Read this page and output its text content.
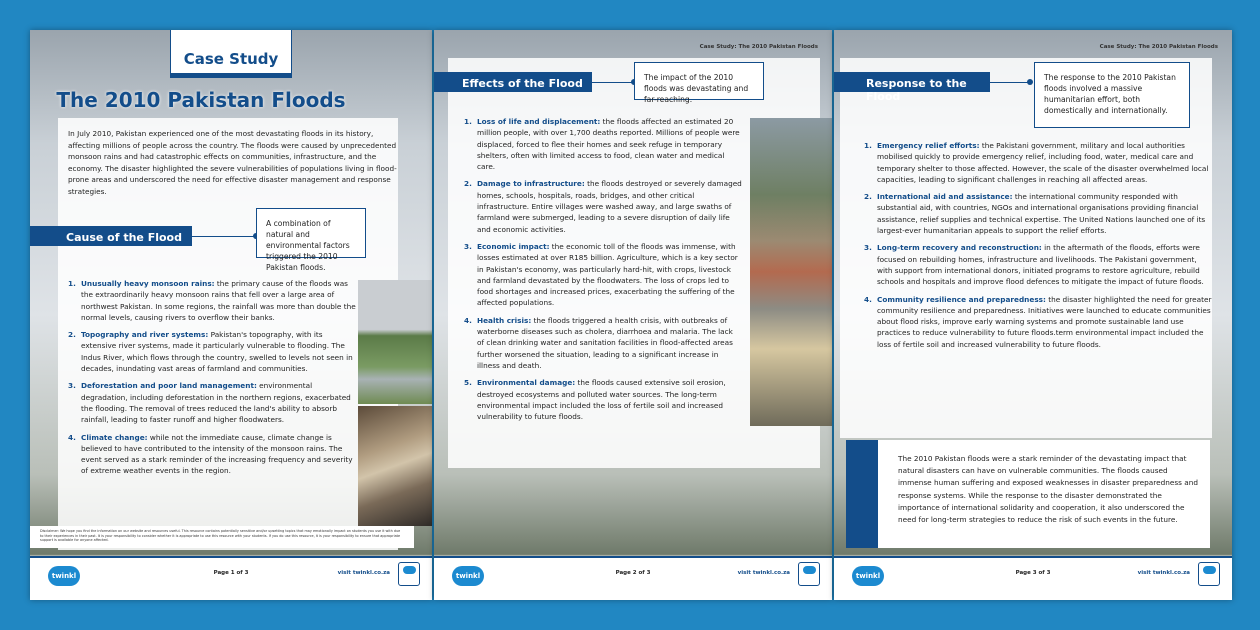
Case Study
The 2010 Pakistan Floods
In July 2010, Pakistan experienced one of the most devastating floods in its history, affecting millions of people across the country. The floods were caused by unprecedented monsoon rains and had catastrophic effects on communities, infrastructure, and the economy. The disaster highlighted the severe vulnerabilities of populations living in flood-prone areas and underscored the need for effective disaster management and response strategies.
Cause of the Flood
A combination of natural and environmental factors triggered the 2010 Pakistan floods.
1. Unusually heavy monsoon rains: the primary cause of the floods was the extraordinarily heavy monsoon rains that fell over a large area of northwest Pakistan. In some regions, the rainfall was more than double the normal levels, causing rivers to overflow their banks.
2. Topography and river systems: Pakistan's topography, with its extensive river systems, made it particularly vulnerable to flooding. The Indus River, which flows through the country, swelled to levels not seen in decades, inundating vast areas of farmland and communities.
3. Deforestation and poor land management: environmental degradation, including deforestation in the northern regions, exacerbated the flooding. The removal of trees reduced the land's ability to absorb rainfall, leading to faster runoff and higher floodwaters.
4. Climate change: while not the immediate cause, climate change is believed to have contributed to the intensity of the monsoon rains. The event served as a stark reminder of the increasing frequency and severity of extreme weather events in the region.
Disclaimer: We hope you find the information on our website and resources useful. This resource contains potentially sensitive and/or upsetting topics that may emotionally impact on students you use it with due to their experiences in their past. It is your responsibility to consider whether it is appropriate to use this resource with your students. If you do use this resource, it is your responsibility to ensure that appropriate support is available for anyone affected.
twinkl	Page 1 of 3	visit twinkl.co.za
Case Study: The 2010 Pakistan Floods
Effects of the Flood	The impact of the 2010 floods was devastating and far-reaching.
1. Loss of life and displacement: the floods affected an estimated 20 million people, with over 1,700 deaths reported. Millions of people were displaced, forced to flee their homes and seek refuge in temporary shelters, often with limited access to food, clean water and medical care.
2. Damage to infrastructure: the floods destroyed or severely damaged homes, schools, hospitals, roads, bridges, and other critical infrastructure. Entire villages were washed away, and large swaths of farmland were submerged, leading to a severe disruption of daily life and economic activities.
3. Economic impact: the economic toll of the floods was immense, with losses estimated at over R185 billion. Agriculture, which is a key sector in Pakistan's economy, was particularly hard-hit, with crops, livestock and farmland devastated by the floodwaters. The loss of crops led to food shortages and increased prices, exacerbating the suffering of the affected populations.
4. Health crisis: the floods triggered a health crisis, with outbreaks of waterborne diseases such as cholera, diarrhoea and malaria. The lack of clean drinking water and sanitation facilities in flood-affected areas further worsened the situation, leading to a significant increase in illness and death.
5. Environmental damage: the floods caused extensive soil erosion, destroyed ecosystems and polluted water sources. The long-term environmental impact included the loss of fertile soil and increased vulnerability to future floods.
twinkl	Page 2 of 3	visit twinkl.co.za
Case Study: The 2010 Pakistan Floods
Response to the Flood
The response to the 2010 Pakistan floods involved a massive humanitarian effort, both domestically and internationally.
1. Emergency relief efforts: the Pakistani government, military and local authorities mobilised quickly to provide emergency relief, including food, water, medical care and temporary shelter to those affected. However, the scale of the disaster overwhelmed local capacities, leading to significant challenges in reaching all affected areas.
2. International aid and assistance: the international community responded with substantial aid, with countries, NGOs and international organisations providing financial assistance, relief supplies and technical expertise. The United Nations launched one of its largest-ever humanitarian appeals to support the relief efforts.
3. Long-term recovery and reconstruction: in the aftermath of the floods, efforts were focused on rebuilding homes, infrastructure and livelihoods. The Pakistani government, with support from international donors, initiated programs to restore agriculture, rebuild schools and hospitals and improve flood defences to mitigate the impact of future floods.
4. Community resilience and preparedness: the disaster highlighted the need for greater community resilience and preparedness. Initiatives were launched to educate communities about flood risks, improve early warning systems and promote sustainable land use practices to reduce vulnerability to future floods.term environmental impact included the loss of fertile soil and increased vulnerability to future floods.
The 2010 Pakistan floods were a stark reminder of the devastating impact that natural disasters can have on vulnerable communities. The floods caused immense human suffering and exposed weaknesses in disaster preparedness and response systems. While the response to the disaster demonstrated the importance of international solidarity and cooperation, it also underscored the need for long-term strategies to reduce the risk of such events in the future.
twinkl	Page 3 of 3	visit twinkl.co.za
